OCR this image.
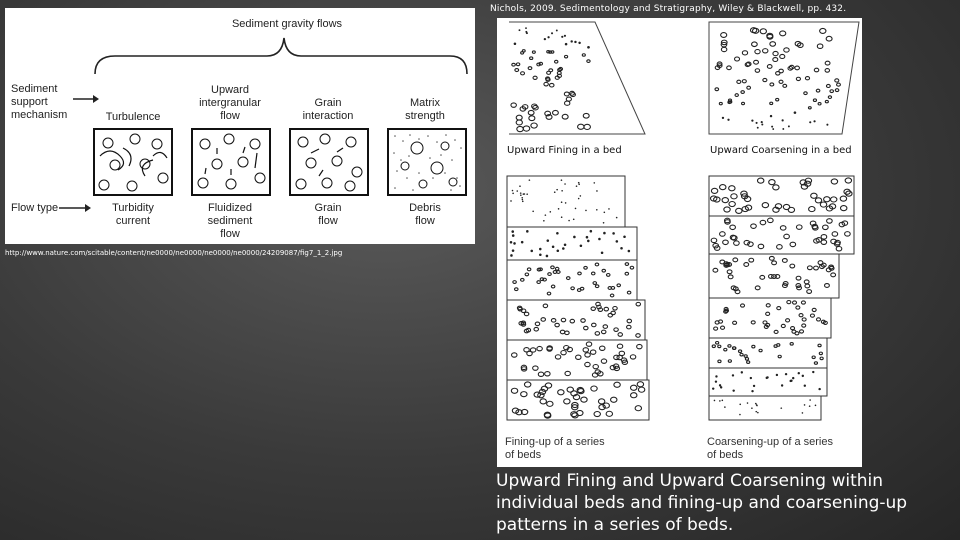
Nichols, 2009. Sedimentology and Stratigraphy, Wiley & Blackwell, pp. 432.
Sediment gravity flows
Sediment
support
mechanism	Turbulence
Upward intergranular flow
Grain interaction
Matrix strength
Flow type	Turbidity current
Fluidized sediment flow
Grain flow
Debris flow
http://www.nature.com/scitable/content/ne0000/ne0000/ne0000/ne0000/24209087/fig7_1_2.jpg
Upward Fining in a bed	Upward Coarsening in a bed
Fining-up of a series of beds
Coarsening-up of a series of beds
Upward Fining and Upward Coarsening within individual beds and fining-up and coarsening-up patterns in a series of beds.
